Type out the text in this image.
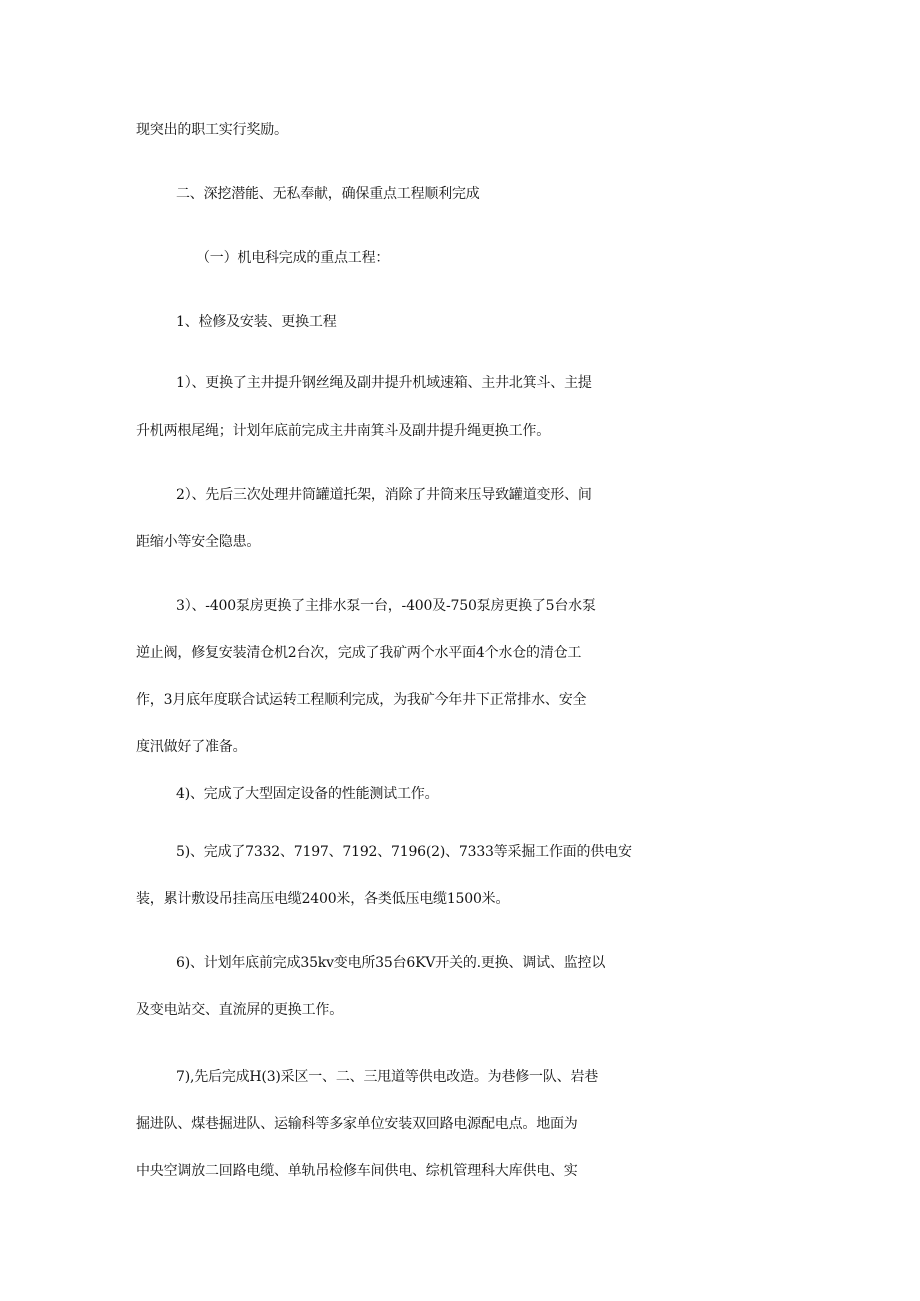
现突出的职工实行奖励。
二、深挖潜能、无私奉献，确保重点工程顺利完成
（一）机电科完成的重点工程：
1、检修及安装、更换工程
1）、更换了主井提升钢丝绳及副井提升机域速箱、主井北箕斗、主提
升机两根尾绳；计划年底前完成主井南箕斗及副井提升绳更换工作。
2）、先后三次处理井筒罐道托架，消除了井筒来压导致罐道变形、间
距缩小等安全隐患。
3）、-400泵房更换了主排水泵一台，-400及-750泵房更换了5台水泵
逆止阀，修复安装清仓机2台次，完成了我矿两个水平面4个水仓的清仓工
作，3月底年度联合试运转工程顺利完成，为我矿今年井下正常排水、安全
度汛做好了准备。
4)、完成了大型固定设备的性能测试工作。
5)、完成了7332、7197、7192、7196(2)、7333等采掘工作面的供电安
装，累计敷设吊挂高压电缆2400米，各类低压电缆1500米。
6)、计划年底前完成35kv变电所35台6KV开关的.更换、调试、监控以
及变电站交、直流屏的更换工作。
7),先后完成H(3)采区一、二、三甩道等供电改造。为巷修一队、岩巷
掘进队、煤巷掘进队、运输科等多家单位安装双回路电源配电点。地面为
中央空调放二回路电缆、单轨吊检修车间供电、综机管理科大库供电、实
